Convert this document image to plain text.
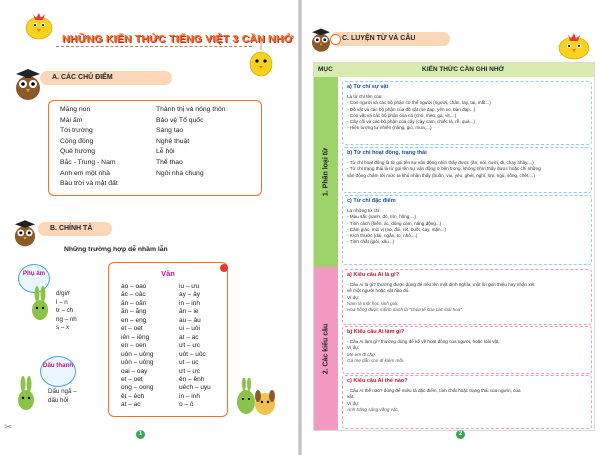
✂
NHỮNG KIẾN THỨC TIẾNG VIỆT 3 CẦN NHỚ
A. CÁC CHỦ ĐIỂM
Măng non
Mái ấm
Tới trường
Cộng đồng
Quê hương
Bắc - Trung - Nam
Anh em một nhà
Bầu trời và mặt đất
Thành thị và nông thôn
Bảo vệ Tổ quốc
Sáng tạo
Nghệ thuật
Lễ hội
Thể thao
Ngôi nhà chung
B. CHÍNH TẢ
Những trường hợp dễ nhầm lẫn
Phụ âm
d/gi/r
l – n
tr – ch
ng – nh
s – x
Dấu thanh
Dấu ngã –
dấu hỏi
Vần
ao – oao
ăc – oăc
ăn – oăn
ăn – ăng
en – eng
et – oet
iên – iêng
en – oen
uôn – uông
uôn – uông
oai – oay
et – oet
ong – oong
êt – êch
at – ac
iu – ưu
ay – ây
in – inh
ăn – ie
au – âu
ui – uôi
at – ac
ưt – ưc
uôt – uôc
ut – uc
ưt – ưc
ên – ênh
uêch – uyu
in – inh
o – ô
1
C. LUYỆN TỪ VÀ CÂU
MỤC	KIẾN THỨC CẦN GHI NHỚ
1. Phân loại từ
a) Từ chỉ sự vật
Là từ chỉ tên của:
- Con người và các bộ phận cơ thể người (người, chân, tay, tai, mắt...)
- Đồ vật và các bộ phận của đồ vật (xe đạp, yên xe, bàn đạp...)
- Con vật và các bộ phận của nó (chó, mèo, gà, vịt,...)
- Cây cối và các bộ phận của cây (cây cam, chiếc lá, rễ, quả...)
- Hiện tượng tự nhiên (nắng, gió, mưa,...)
b) Từ chỉ hoạt động, trạng thái
- Từ chỉ hoạt động là từ gọi tên sự vận động nhìn thấy được (ăn, nói, cười, đi, chạy nhảy,...)
- Từ chỉ trạng thái là từ gọi tên sự vận động ở bên trong, không nhìn thấy được hoặc chỉ những
vận động chậm tới mức ta khó nhận thấy (buồn, vui, yêu, ghét, nghĩ, lớn, ngủ, sống, chết,...)
c) Từ chỉ đặc điểm
Là những từ chỉ:
- Màu sắc (xanh, đỏ, tím, hồng,...)
- Tính cách (hiền, ác, dũng cảm, năng động...)
- Cảm giác, mùi vị (no, đói, rét, buốt, cay, mặn...)
- Kích thước (dài, ngắn, to, nhỏ,...)
- Tính chất (giỏi, xấu...)
2. Các kiểu câu
a) Kiểu câu Ai là gì?
- Câu Ai là gì? thường được dùng để nêu lên một định nghĩa, một lời giới thiệu hay nhận xét
về một người hoặc vật nào đó.
Ví dụ:
Nam là một học sinh giỏi.
Hoa hồng được mệnh danh là "chúa tể của các loài hoa".
b) Kiểu câu Ai làm gì?
- Câu Ai làm gì? thường dùng để kể về hoạt động của người, hoặc loài vật.
Ví dụ:
Mẹ em đi chợ.
Gà mẹ dẫn con đi kiếm mồi.
c) Kiểu câu Ai thế nào?
- Câu Ai thế nào? dùng để miêu tả đặc điểm, tính chất hoặc trạng thái của người, của
vật.
Ví dụ:
Ánh trăng sáng vằng vặc.
2
